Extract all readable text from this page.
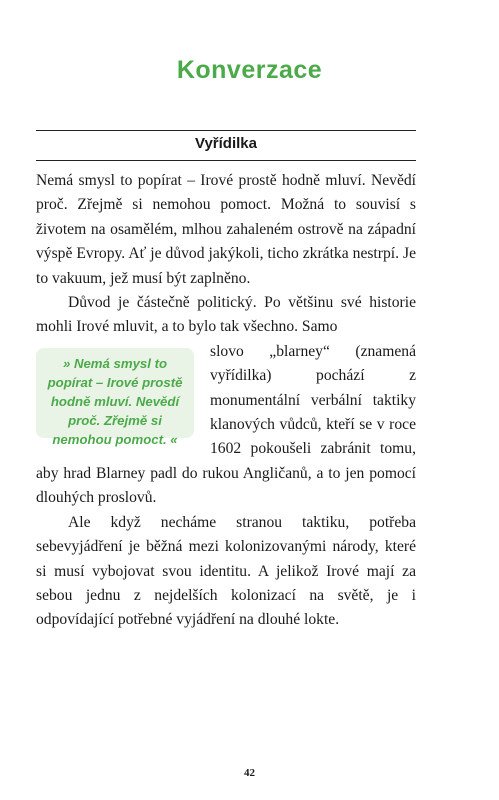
Konverzace
Vyřídilka

Nemá smysl to popírat – Irové prostě hodně mluví. Nevědí proč. Zřejmě si nemohou pomoct. Možná to souvisí s životem na osamělém, mlhou zahaleném ostrově na západní výspě Evropy. Ať je důvod jakýkoli, ticho zkrátka nestrpí. Je to vakuum, jež musí být zaplněno.

Důvod je částečně politický. Po většinu své historie mohli Irové mluvit, a to bylo tak všechno. Samo

» Nemá smysl to popírat – Irové prostě hodně mluví. Nevědí proč. Zřejmě si nemohou pomoct. «

slovo „blarney“ (znamená vyřídilka) pochází z monumentální verbální taktiky klanových vůdců, kteří se v roce 1602 pokoušeli zabránit tomu, aby hrad Blarney padl do rukou Angličanů, a to jen pomocí dlouhých proslovů.

Ale když necháme stranou taktiku, potřeba sebevyjádření je běžná mezi kolonizovanými národy, které si musí vybojovat svou identitu. A jelikož Irové mají za sebou jednu z nejdelších kolonizací na světě, je i odpovídající potřebné vyjádření na dlouhé lokte.

42
